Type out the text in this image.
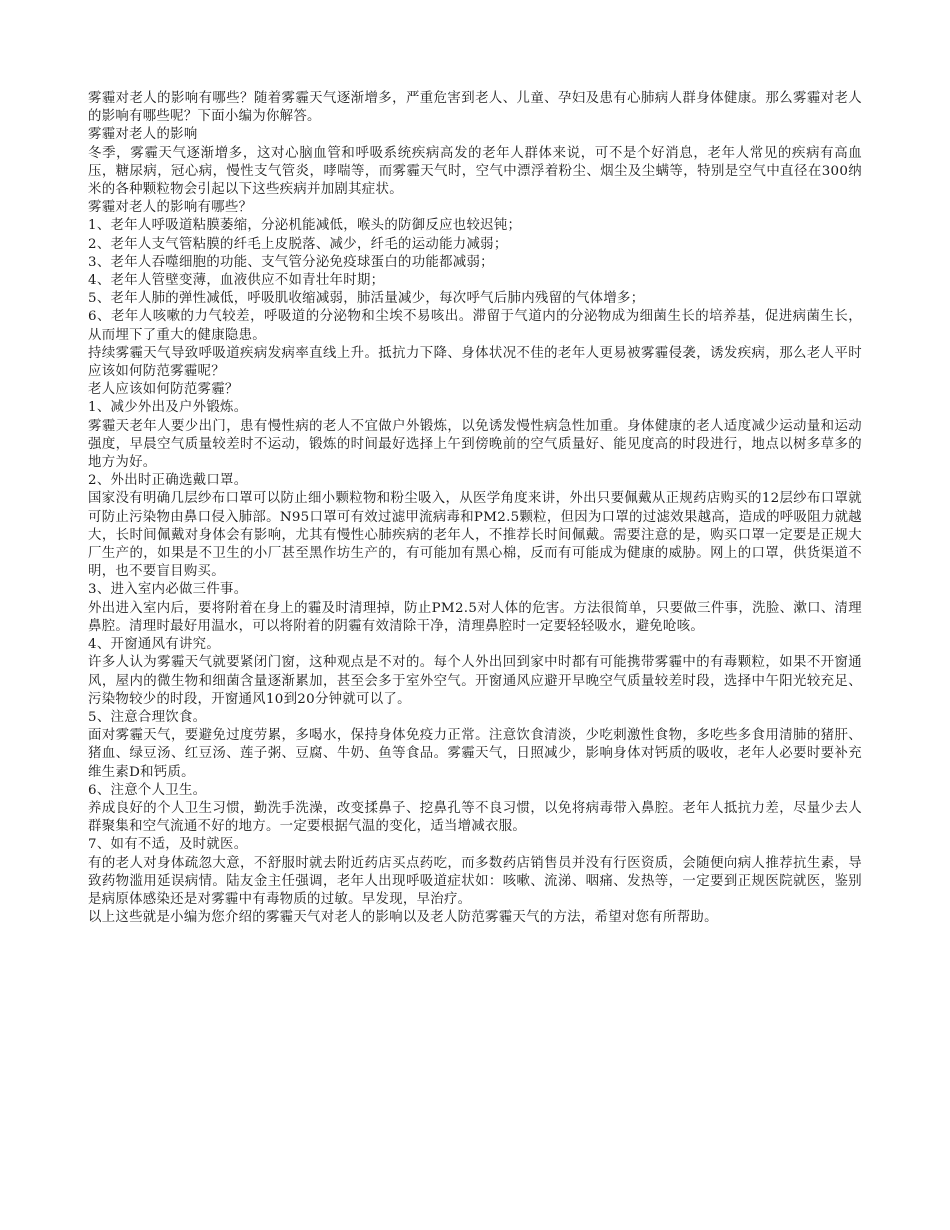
雾霾对老人的影响有哪些？随着雾霾天气逐渐增多，严重危害到老人、儿童、孕妇及患有心肺病人群身体健康。那么雾霾对老人的影响有哪些呢？下面小编为你解答。

雾霾对老人的影响

冬季，雾霾天气逐渐增多，这对心脑血管和呼吸系统疾病高发的老年人群体来说，可不是个好消息，老年人常见的疾病有高血压，糖尿病，冠心病，慢性支气管炎，哮喘等，而雾霾天气时，空气中漂浮着粉尘、烟尘及尘螨等，特别是空气中直径在300纳米的各种颗粒物会引起以下这些疾病并加剧其症状。

雾霾对老人的影响有哪些？

1、老年人呼吸道粘膜萎缩，分泌机能减低，喉头的防御反应也较迟钝；

2、老年人支气管粘膜的纤毛上皮脱落、减少，纤毛的运动能力减弱；

3、老年人吞噬细胞的功能、支气管分泌免疫球蛋白的功能都减弱；

4、老年人管壁变薄，血液供应不如青壮年时期；

5、老年人肺的弹性减低，呼吸肌收缩减弱，肺活量减少，每次呼气后肺内残留的气体增多；

6、老年人咳嗽的力气较差，呼吸道的分泌物和尘埃不易咳出。滞留于气道内的分泌物成为细菌生长的培养基，促进病菌生长，从而埋下了重大的健康隐患。

持续雾霾天气导致呼吸道疾病发病率直线上升。抵抗力下降、身体状况不佳的老年人更易被雾霾侵袭，诱发疾病，那么老人平时应该如何防范雾霾呢？

老人应该如何防范雾霾？

1、减少外出及户外锻炼。

雾霾天老年人要少出门，患有慢性病的老人不宜做户外锻炼，以免诱发慢性病急性加重。身体健康的老人适度减少运动量和运动强度，早晨空气质量较差时不运动，锻炼的时间最好选择上午到傍晚前的空气质量好、能见度高的时段进行，地点以树多草多的地方为好。

2、外出时正确选戴口罩。

国家没有明确几层纱布口罩可以防止细小颗粒物和粉尘吸入，从医学角度来讲，外出只要佩戴从正规药店购买的12层纱布口罩就可防止污染物由鼻口侵入肺部。N95口罩可有效过滤甲流病毒和PM2.5颗粒，但因为口罩的过滤效果越高，造成的呼吸阻力就越大，长时间佩戴对身体会有影响，尤其有慢性心肺疾病的老年人，不推荐长时间佩戴。需要注意的是，购买口罩一定要是正规大厂生产的，如果是不卫生的小厂甚至黑作坊生产的，有可能加有黑心棉，反而有可能成为健康的威胁。网上的口罩，供货渠道不明，也不要盲目购买。

3、进入室内必做三件事。

外出进入室内后，要将附着在身上的霾及时清理掉，防止PM2.5对人体的危害。方法很简单，只要做三件事，洗脸、漱口、清理鼻腔。清理时最好用温水，可以将附着的阴霾有效清除干净，清理鼻腔时一定要轻轻吸水，避免呛咳。

4、开窗通风有讲究。

许多人认为雾霾天气就要紧闭门窗，这种观点是不对的。每个人外出回到家中时都有可能携带雾霾中的有毒颗粒，如果不开窗通风，屋内的微生物和细菌含量逐渐累加，甚至会多于室外空气。开窗通风应避开早晚空气质量较差时段，选择中午阳光较充足、污染物较少的时段，开窗通风10到20分钟就可以了。

5、注意合理饮食。

面对雾霾天气，要避免过度劳累，多喝水，保持身体免疫力正常。注意饮食清淡，少吃刺激性食物，多吃些多食用清肺的猪肝、猪血、绿豆汤、红豆汤、莲子粥、豆腐、牛奶、鱼等食品。雾霾天气，日照减少，影响身体对钙质的吸收，老年人必要时要补充维生素D和钙质。

6、注意个人卫生。

养成良好的个人卫生习惯，勤洗手洗澡，改变揉鼻子、挖鼻孔等不良习惯，以免将病毒带入鼻腔。老年人抵抗力差，尽量少去人群聚集和空气流通不好的地方。一定要根据气温的变化，适当增减衣服。

7、如有不适，及时就医。

有的老人对身体疏忽大意，不舒服时就去附近药店买点药吃，而多数药店销售员并没有行医资质，会随便向病人推荐抗生素，导致药物滥用延误病情。陆友金主任强调，老年人出现呼吸道症状如：咳嗽、流涕、咽痛、发热等，一定要到正规医院就医，鉴别是病原体感染还是对雾霾中有毒物质的过敏。早发现，早治疗。

以上这些就是小编为您介绍的雾霾天气对老人的影响以及老人防范雾霾天气的方法，希望对您有所帮助。
